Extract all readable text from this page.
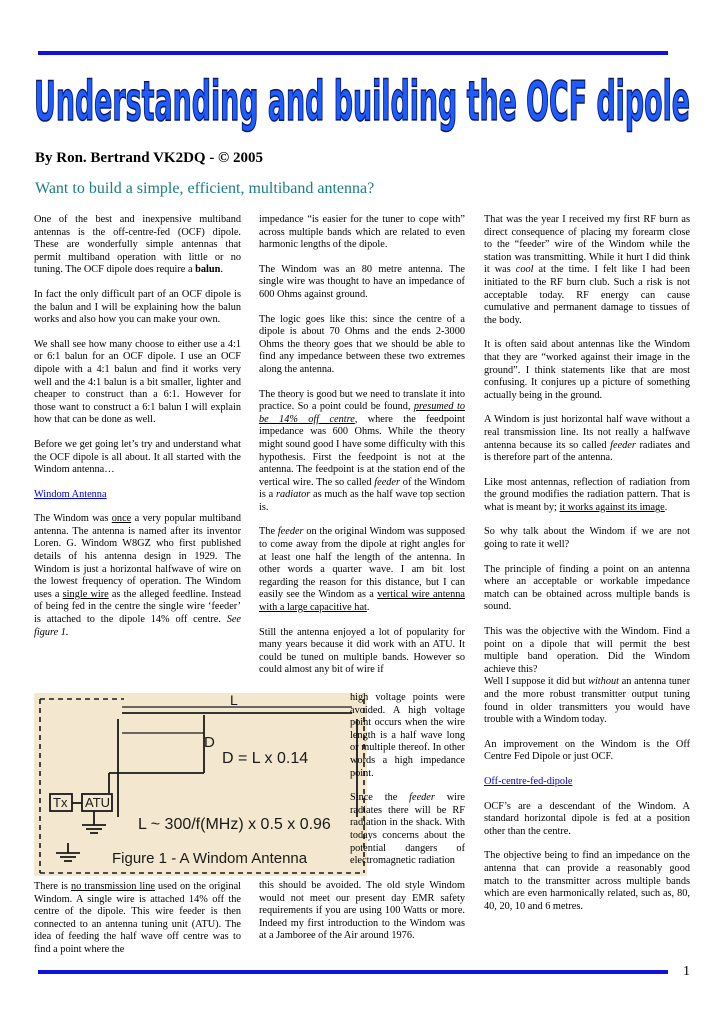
Understanding and building the OCF dipole
By Ron. Bertrand VK2DQ - © 2005
Want to build a simple, efficient, multiband antenna?

One of the best and inexpensive multiband antennas is the off-centre-fed (OCF) dipole. These are wonderfully simple antennas that permit multiband operation with little or no tuning. The OCF dipole does require a balun.

In fact the only difficult part of an OCF dipole is the balun and I will be explaining how the balun works and also how you can make your own.

We shall see how many choose to either use a 4:1 or 6:1 balun for an OCF dipole. I use an OCF dipole with a 4:1 balun and find it works very well and the 4:1 balun is a bit smaller, lighter and cheaper to construct than a 6:1. However for those want to construct a 6:1 balun I will explain how that can be done as well.

Before we get going let’s try and understand what the OCF dipole is all about. It all started with the Windom antenna…

Windom Antenna

The Windom was once a very popular multiband antenna. The antenna is named after its inventor Loren. G. Windom W8GZ who first published details of his antenna design in 1929. The Windom is just a horizontal halfwave of wire on the lowest frequency of operation. The Windom uses a single wire as the alleged feedline. Instead of being fed in the centre the single wire ‘feeder’ is attached to the dipole 14% off centre. See figure 1.

L
D
D = L x 0.14
Tx ATU
L ~ 300/f(MHz) x 0.5 x 0.96
Figure 1 - A Windom Antenna

There is no transmission line used on the original Windom. A single wire is attached 14% off the centre of the dipole. This wire feeder is then connected to an antenna tuning unit (ATU). The idea of feeding the half wave off centre was to find a point where the

impedance “is easier for the tuner to cope with” across multiple bands which are related to even harmonic lengths of the dipole.

The Windom was an 80 metre antenna. The single wire was thought to have an impedance of 600 Ohms against ground.

The logic goes like this: since the centre of a dipole is about 70 Ohms and the ends 2-3000 Ohms the theory goes that we should be able to find any impedance between these two extremes along the antenna.

The theory is good but we need to translate it into practice. So a point could be found, presumed to be 14% off centre, where the feedpoint impedance was 600 Ohms. While the theory might sound good I have some difficulty with this hypothesis. First the feedpoint is not at the antenna. The feedpoint is at the station end of the vertical wire. The so called feeder of the Windom is a radiator as much as the half wave top section is.

The feeder on the original Windom was supposed to come away from the dipole at right angles for at least one half the length of the antenna. In other words a quarter wave. I am bit lost regarding the reason for this distance, but I can easily see the Windom as a vertical wire antenna with a large capacitive hat.

Still the antenna enjoyed a lot of popularity for many years because it did work with an ATU. It could be tuned on multiple bands. However so could almost any bit of wire if

high voltage points were avoided. A high voltage point occurs when the wire length is a half wave long or multiple thereof. In other words a high impedance point.

Since the feeder wire radiates there will be RF radiation in the shack. With todays concerns about the potential dangers of electromagnetic radiation

this should be avoided. The old style Windom would not meet our present day EMR safety requirements if you are using 100 Watts or more. Indeed my first introduction to the Windom was at a Jamboree of the Air around 1976.

That was the year I received my first RF burn as direct consequence of placing my forearm close to the “feeder” wire of the Windom while the station was transmitting. While it hurt I did think it was cool at the time. I felt like I had been initiated to the RF burn club. Such a risk is not acceptable today. RF energy can cause cumulative and permanent damage to tissues of the body.

It is often said about antennas like the Windom that they are “worked against their image in the ground”. I think statements like that are most confusing. It conjures up a picture of something actually being in the ground.

A Windom is just horizontal half wave without a real transmission line. Its not really a halfwave antenna because its so called feeder radiates and is therefore part of the antenna.

Like most antennas, reflection of radiation from the ground modifies the radiation pattern. That is what is meant by; it works against its image.

So why talk about the Windom if we are not going to rate it well?

The principle of finding a point on an antenna where an acceptable or workable impedance match can be obtained across multiple bands is sound.

This was the objective with the Windom. Find a point on a dipole that will permit the best multiple band operation. Did the Windom achieve this?
Well I suppose it did but without an antenna tuner and the more robust transmitter output tuning found in older transmitters you would have trouble with a Windom today.

An improvement on the Windom is the Off Centre Fed Dipole or just OCF.

Off-centre-fed-dipole

OCF’s are a descendant of the Windom. A standard horizontal dipole is fed at a position other than the centre.

The objective being to find an impedance on the antenna that can provide a reasonably good match to the transmitter across multiple bands which are even harmonically related, such as, 80, 40, 20, 10 and 6 metres.

1
